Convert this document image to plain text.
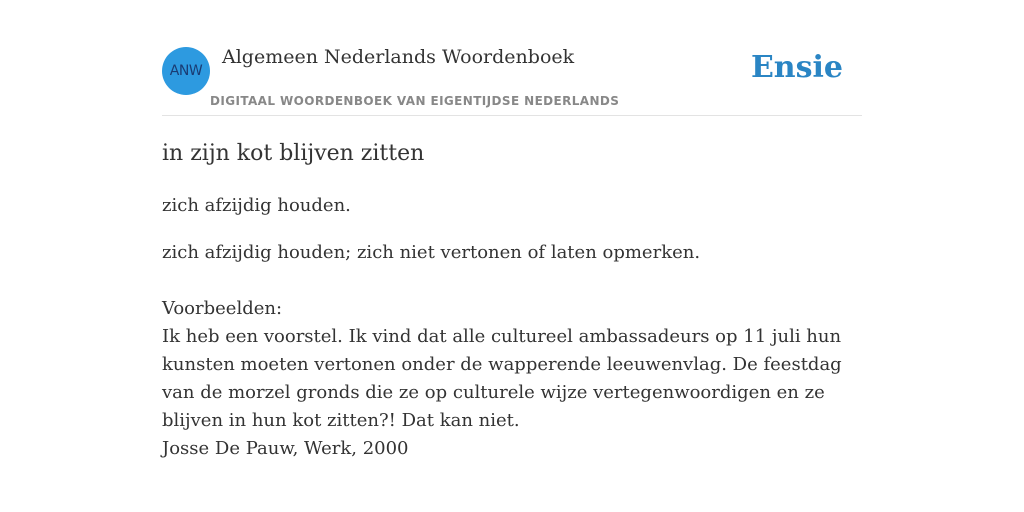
ANW
Algemeen Nederlands Woordenboek
DIGITAAL WOORDENBOEK VAN EIGENTIJDSE NEDERLANDS
Ensie
in zijn kot blijven zitten

zich afzijdig houden.

zich afzijdig houden; zich niet vertonen of laten opmerken.

Voorbeelden:
Ik heb een voorstel. Ik vind dat alle cultureel ambassadeurs op 11 juli hun kunsten moeten vertonen onder de wapperende leeuwenvlag. De feestdag van de morzel gronds die ze op culturele wijze vertegenwoordigen en ze blijven in hun kot zitten?! Dat kan niet.
Josse De Pauw, Werk, 2000
